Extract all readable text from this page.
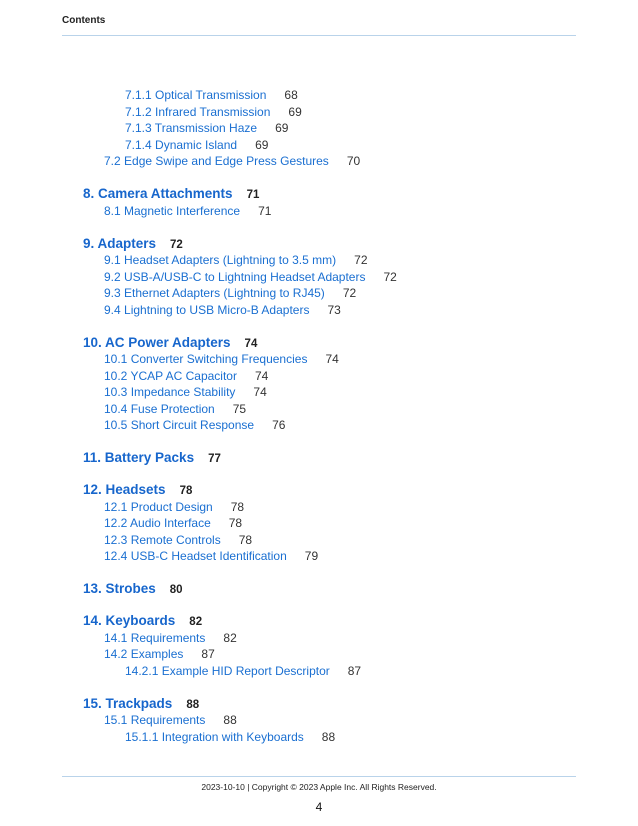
Contents
7.1.1 Optical Transmission 68
7.1.2 Infrared Transmission 69
7.1.3 Transmission Haze 69
7.1.4 Dynamic Island 69
7.2 Edge Swipe and Edge Press Gestures 70
8. Camera Attachments 71
8.1 Magnetic Interference 71
9. Adapters 72
9.1 Headset Adapters (Lightning to 3.5 mm) 72
9.2 USB-A/USB-C to Lightning Headset Adapters 72
9.3 Ethernet Adapters (Lightning to RJ45) 72
9.4 Lightning to USB Micro-B Adapters 73
10. AC Power Adapters 74
10.1 Converter Switching Frequencies 74
10.2 YCAP AC Capacitor 74
10.3 Impedance Stability 74
10.4 Fuse Protection 75
10.5 Short Circuit Response 76
11. Battery Packs 77
12. Headsets 78
12.1 Product Design 78
12.2 Audio Interface 78
12.3 Remote Controls 78
12.4 USB-C Headset Identification 79
13. Strobes 80
14. Keyboards 82
14.1 Requirements 82
14.2 Examples 87
14.2.1 Example HID Report Descriptor 87
15. Trackpads 88
15.1 Requirements 88
15.1.1 Integration with Keyboards 88
2023-10-10 | Copyright © 2023 Apple Inc. All Rights Reserved.
4
